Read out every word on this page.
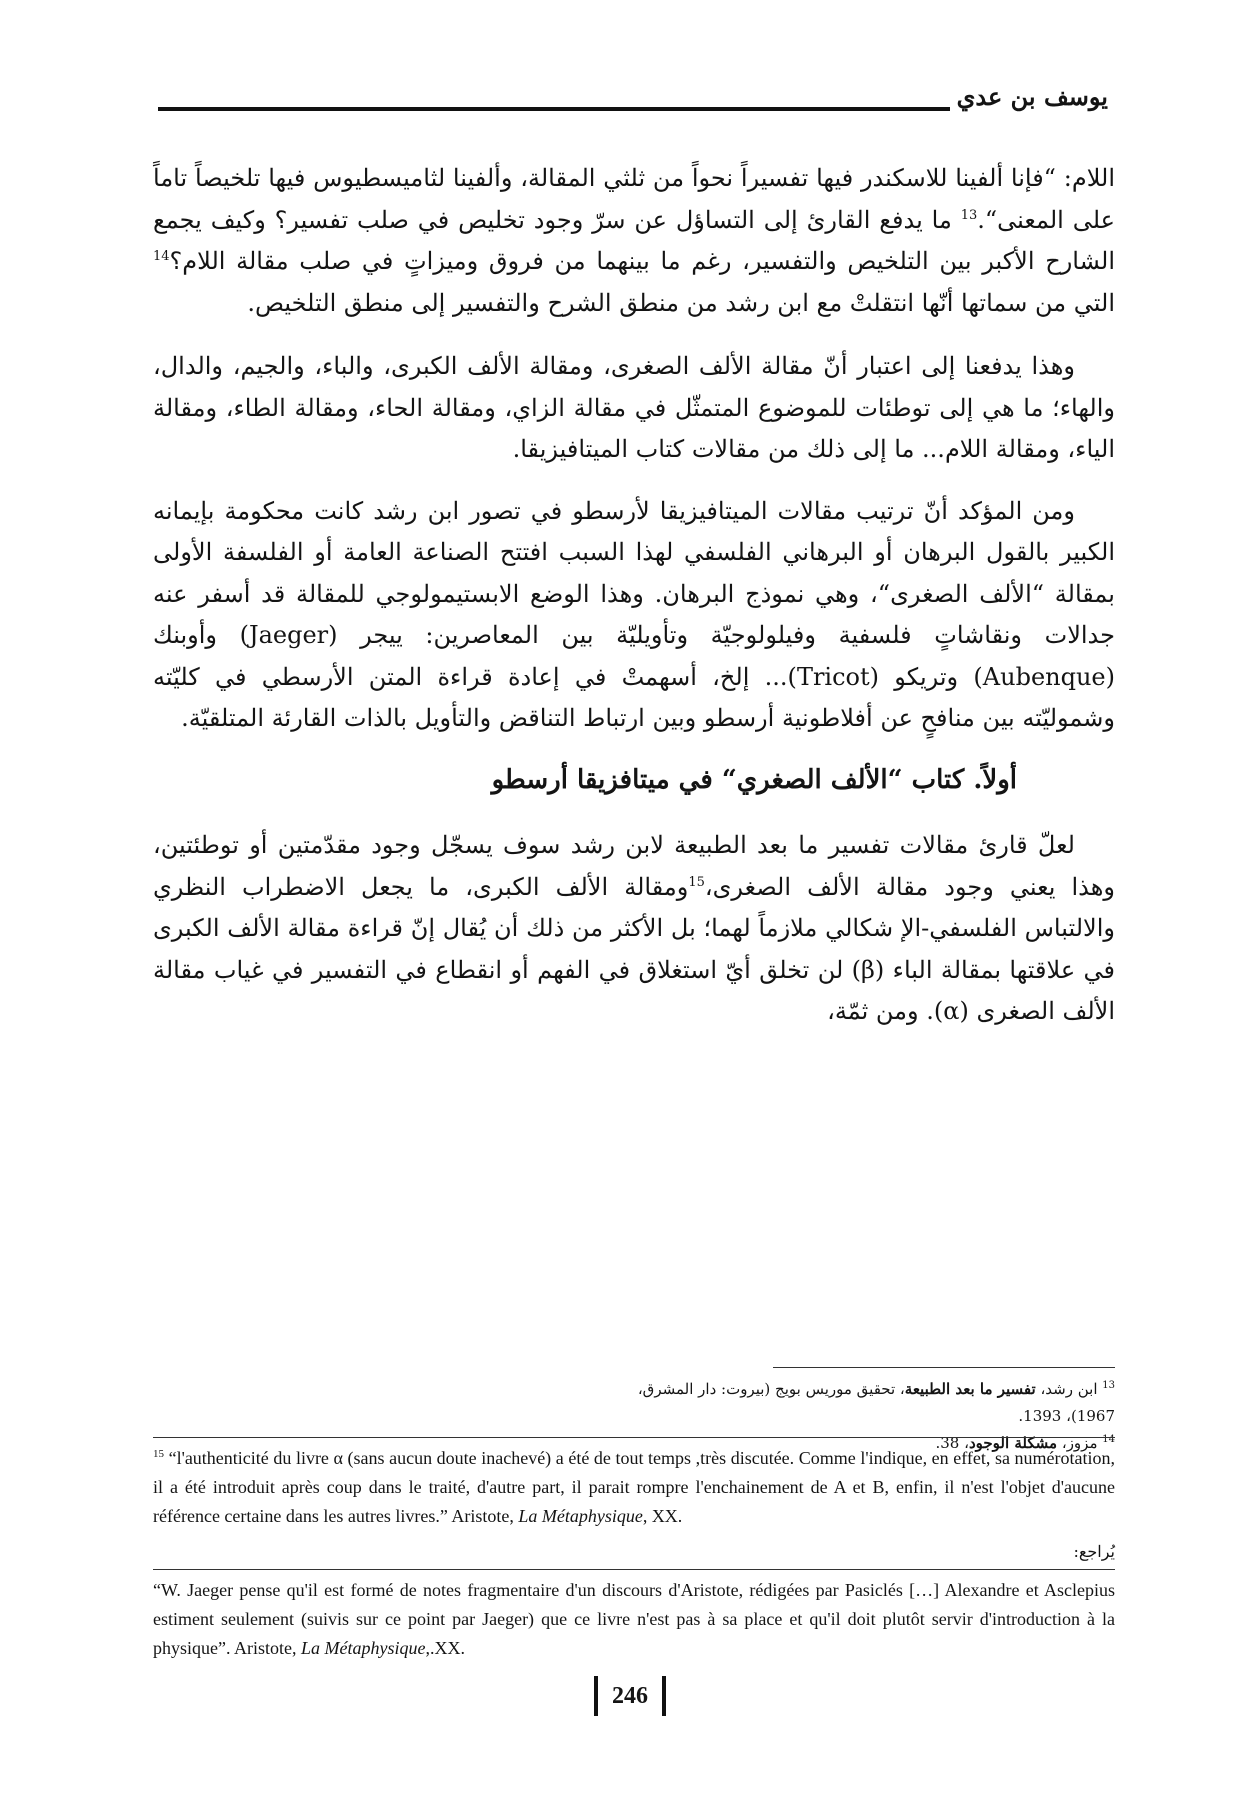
يوسف بن عدي

اللام: “فإنا ألفينا للاسكندر فيها تفسيراً نحواً من ثلثي المقالة، وألفينا لثاميسطيوس فيها تلخيصاً تاماً على المعنى“.$^{13}$ ما يدفع القارئ إلى التساؤل عن سرّ وجود تخليص في صلب تفسير؟ وكيف يجمع الشارح الأكبر بين التلخيص والتفسير، رغم ما بينهما من فروق وميزاتٍ في صلب مقالة اللام؟$^{14}$ التي من سماتها أنّها انتقلتْ مع ابن رشد من منطق الشرح والتفسير إلى منطق التلخيص.

وهذا يدفعنا إلى اعتبار أنّ مقالة الألف الصغرى، ومقالة الألف الكبرى، والباء، والجيم، والدال، والهاء؛ ما هي إلى توطئات للموضوع المتمثّل في مقالة الزاي، ومقالة الحاء، ومقالة الطاء، ومقالة الياء، ومقالة اللام... ما إلى ذلك من مقالات كتاب الميتافيزيقا.

ومن المؤكد أنّ ترتيب مقالات الميتافيزيقا لأرسطو في تصور ابن رشد كانت محكومة بإيمانه الكبير بالقول البرهان أو البرهاني الفلسفي لهذا السبب افتتح الصناعة العامة أو الفلسفة الأولى بمقالة “الألف الصغرى“، وهي نموذج البرهان. وهذا الوضع الابستيمولوجي للمقالة قد أسفر عنه جدالات ونقاشاتٍ فلسفية وفيلولوجيّة وتأويليّة بين المعاصرين: ييجر (Jaeger) وأوبنك (Aubenque) وتريكو (Tricot)... إلخ، أسهمتْ في إعادة قراءة المتن الأرسطي في كليّته وشموليّته بين منافحٍ عن أفلاطونية أرسطو وبين ارتباط التناقض والتأويل بالذات القارئة المتلقيّة.

أولاً. كتاب “الألف الصغري“ في ميتافزيقا أرسطو

لعلّ قارئ مقالات تفسير ما بعد الطبيعة لابن رشد سوف يسجّل وجود مقدّمتين أو توطئتين، وهذا يعني وجود مقالة الألف الصغرى،$^{15}$ومقالة الألف الكبرى، ما يجعل الاضطراب النظري والالتباس الفلسفي-الإ شكالي ملازماً لهما؛ بل الأكثر من ذلك أن يُقال إنّ قراءة مقالة الألف الكبرى في علاقتها بمقالة الباء (β) لن تخلق أيّ استغلاق في الفهم أو انقطاع في التفسير في غياب مقالة الألف الصغرى (α). ومن ثمّة،

$^{13}$ ابن رشد، تفسير ما بعد الطبيعة، تحقيق موريس بويج (بيروت: دار المشرق، 1967)، 1393.

$^{14}$ مزوز، مشكلة الوجود، 38.

$^{15}$ “l'authenticité du livre α (sans aucun doute inachevé) a été de tout temps ,très discutée. Comme l'indique, en effet, sa numérotation, il a été introduit après coup dans le traité, d'autre part, il parait rompre l'enchainement de A et B, enfin, il n'est l'objet d'aucune référence certaine dans les autres livres.” Aristote, La Métaphysique, XX.

يُراجع:

“W. Jaeger pense qu'il est formé de notes fragmentaire d'un discours d'Aristote, rédigées par Pasiclés […] Alexandre et Asclepius estiment seulement (suivis sur ce point par Jaeger) que ce livre n'est pas à sa place et qu'il doit plutôt servir d'introduction à la physique”. Aristote, La Métaphysique,.XX.

246
